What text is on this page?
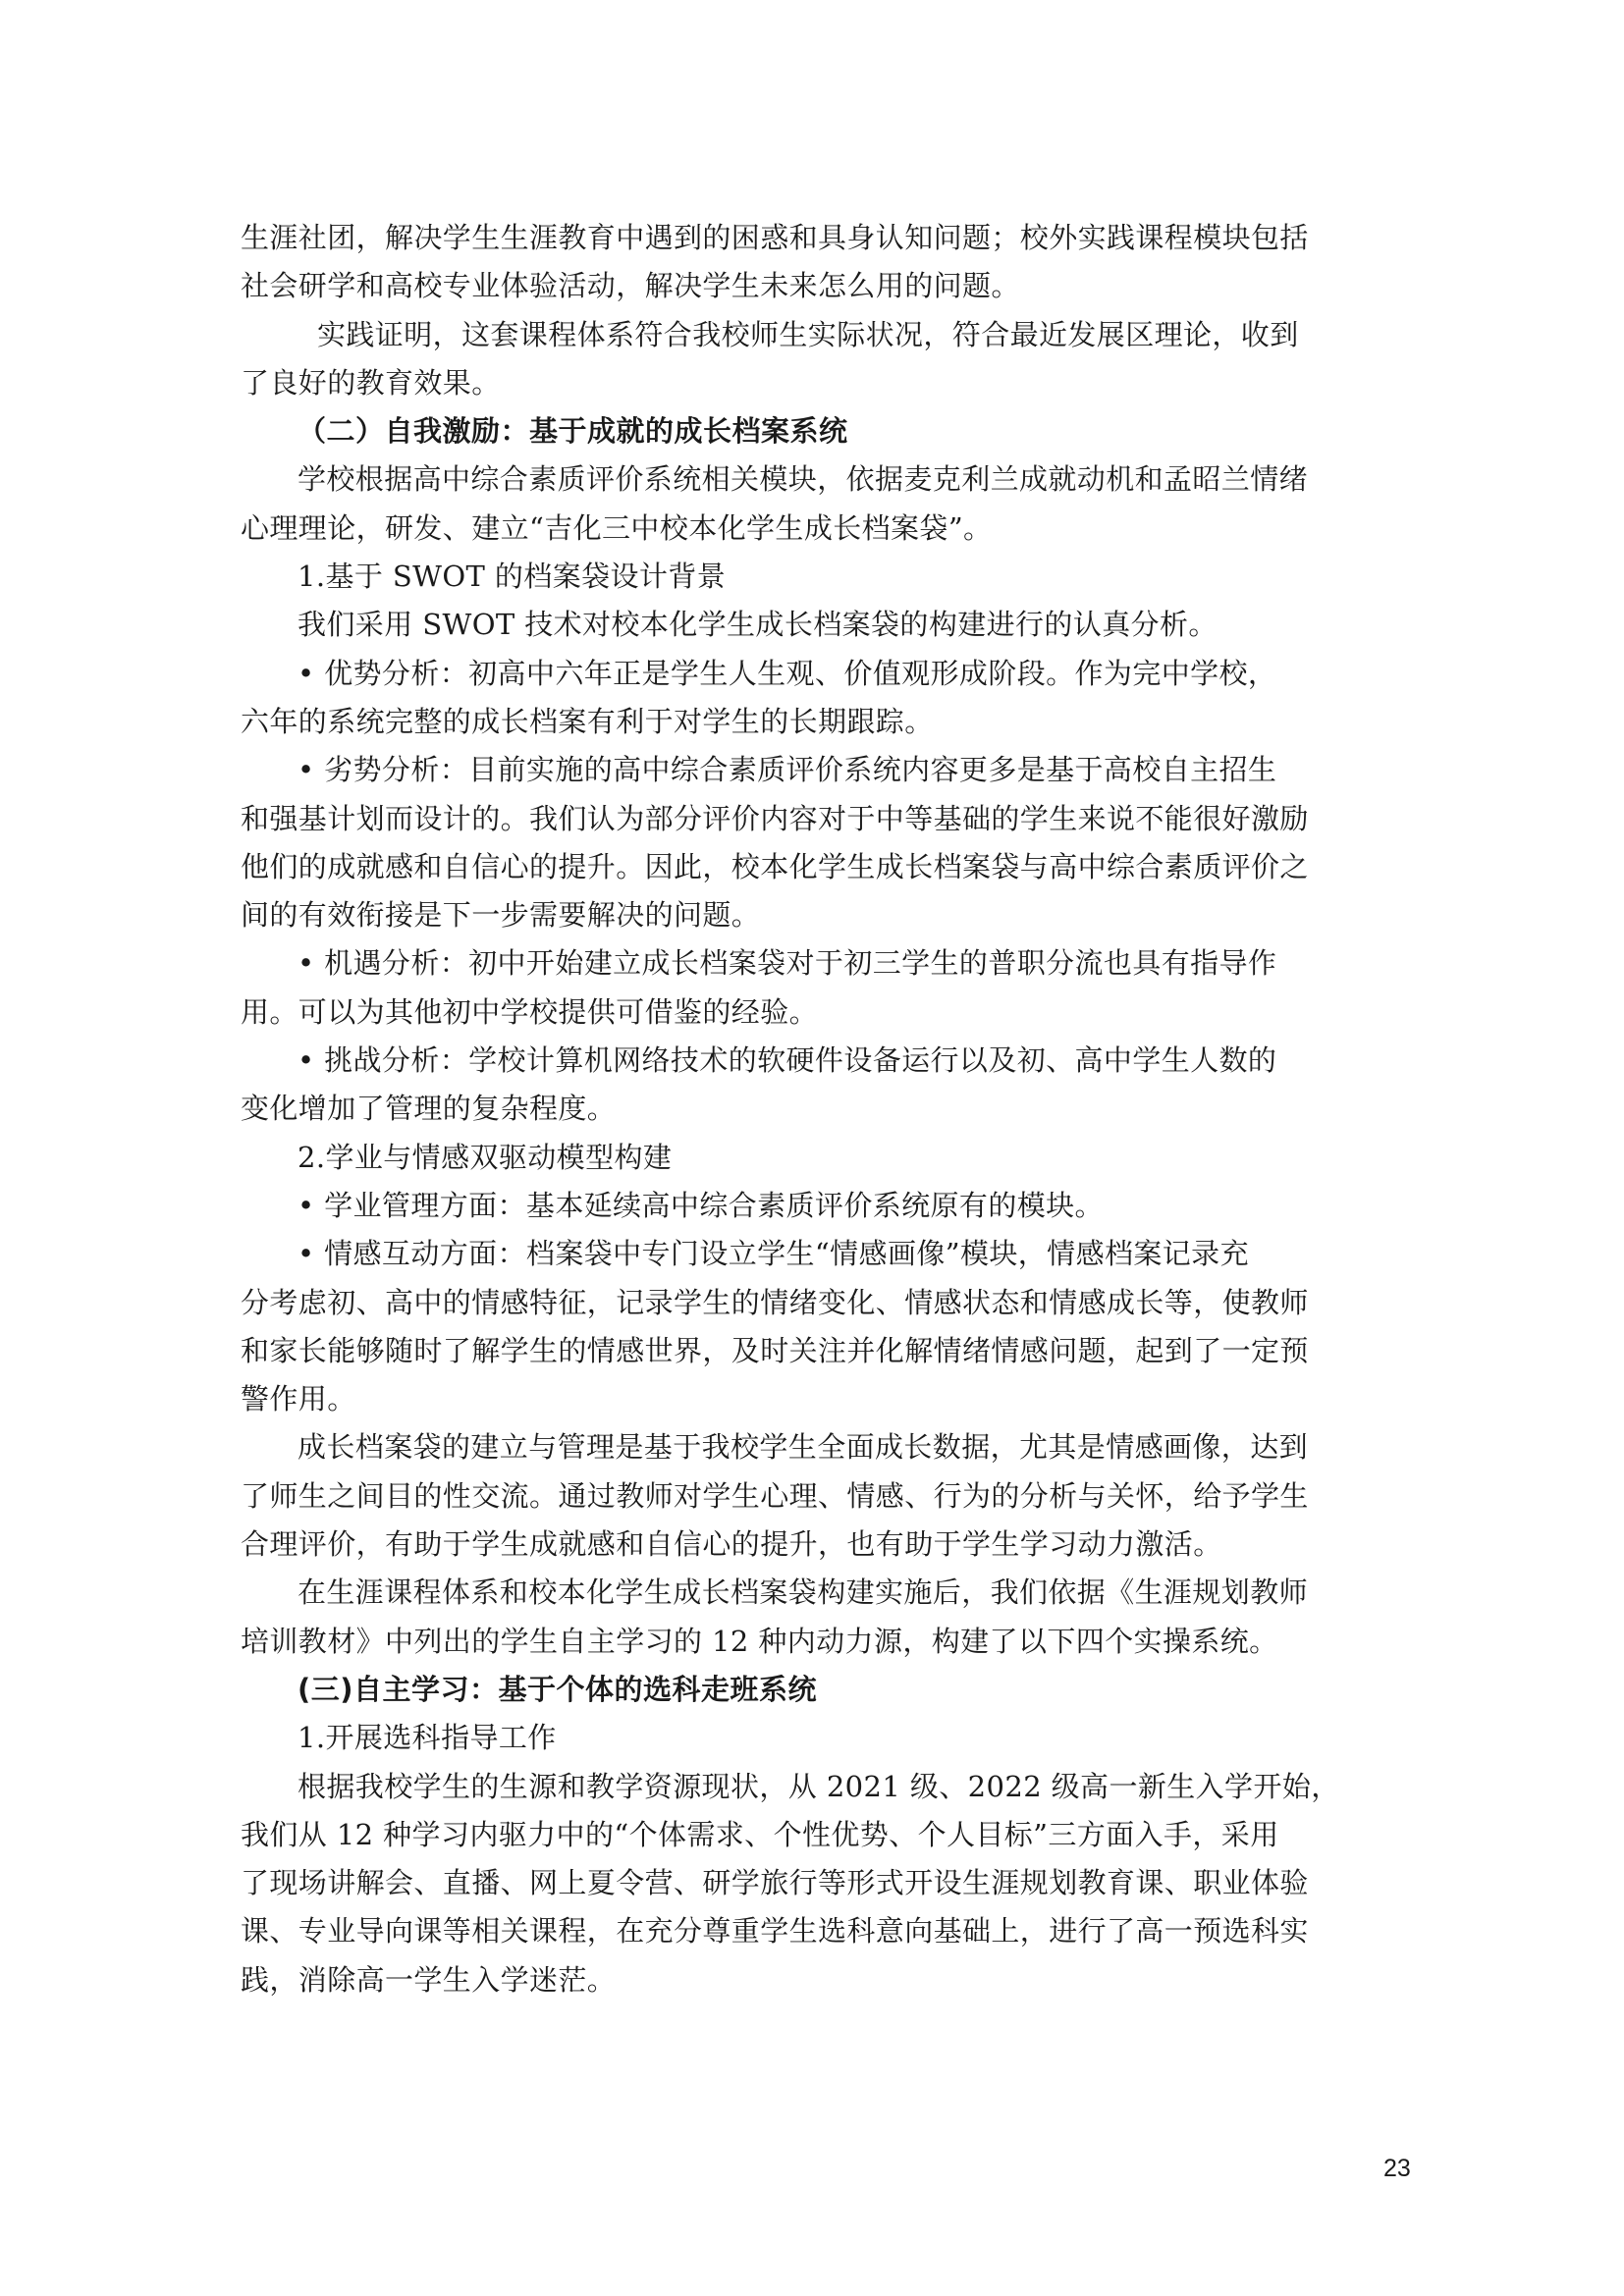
生涯社团，解决学生生涯教育中遇到的困惑和具身认知问题；校外实践课程模块包括
社会研学和高校专业体验活动，解决学生未来怎么用的问题。
实践证明，这套课程体系符合我校师生实际状况，符合最近发展区理论，收到
了良好的教育效果。
（二）自我激励：基于成就的成长档案系统
学校根据高中综合素质评价系统相关模块，依据麦克利兰成就动机和孟昭兰情绪
心理理论，研发、建立“吉化三中校本化学生成长档案袋”。
1.基于 SWOT 的档案袋设计背景
我们采用 SWOT 技术对校本化学生成长档案袋的构建进行的认真分析。
• 优势分析：初高中六年正是学生人生观、价值观形成阶段。作为完中学校，
六年的系统完整的成长档案有利于对学生的长期跟踪。
• 劣势分析：目前实施的高中综合素质评价系统内容更多是基于高校自主招生
和强基计划而设计的。我们认为部分评价内容对于中等基础的学生来说不能很好激励
他们的成就感和自信心的提升。因此，校本化学生成长档案袋与高中综合素质评价之
间的有效衔接是下一步需要解决的问题。
• 机遇分析：初中开始建立成长档案袋对于初三学生的普职分流也具有指导作
用。可以为其他初中学校提供可借鉴的经验。
• 挑战分析：学校计算机网络技术的软硬件设备运行以及初、高中学生人数的
变化增加了管理的复杂程度。
2.学业与情感双驱动模型构建
• 学业管理方面：基本延续高中综合素质评价系统原有的模块。
• 情感互动方面：档案袋中专门设立学生“情感画像”模块，情感档案记录充
分考虑初、高中的情感特征，记录学生的情绪变化、情感状态和情感成长等，使教师
和家长能够随时了解学生的情感世界，及时关注并化解情绪情感问题，起到了一定预
警作用。
成长档案袋的建立与管理是基于我校学生全面成长数据，尤其是情感画像，达到
了师生之间目的性交流。通过教师对学生心理、情感、行为的分析与关怀，给予学生
合理评价，有助于学生成就感和自信心的提升，也有助于学生学习动力激活。
在生涯课程体系和校本化学生成长档案袋构建实施后，我们依据《生涯规划教师
培训教材》中列出的学生自主学习的 12 种内动力源，构建了以下四个实操系统。
(三)自主学习：基于个体的选科走班系统
1.开展选科指导工作
根据我校学生的生源和教学资源现状，从 2021 级、2022 级高一新生入学开始，
我们从 12 种学习内驱力中的“个体需求、个性优势、个人目标”三方面入手，采用
了现场讲解会、直播、网上夏令营、研学旅行等形式开设生涯规划教育课、职业体验
课、专业导向课等相关课程，在充分尊重学生选科意向基础上，进行了高一预选科实
践，消除高一学生入学迷茫。
23
